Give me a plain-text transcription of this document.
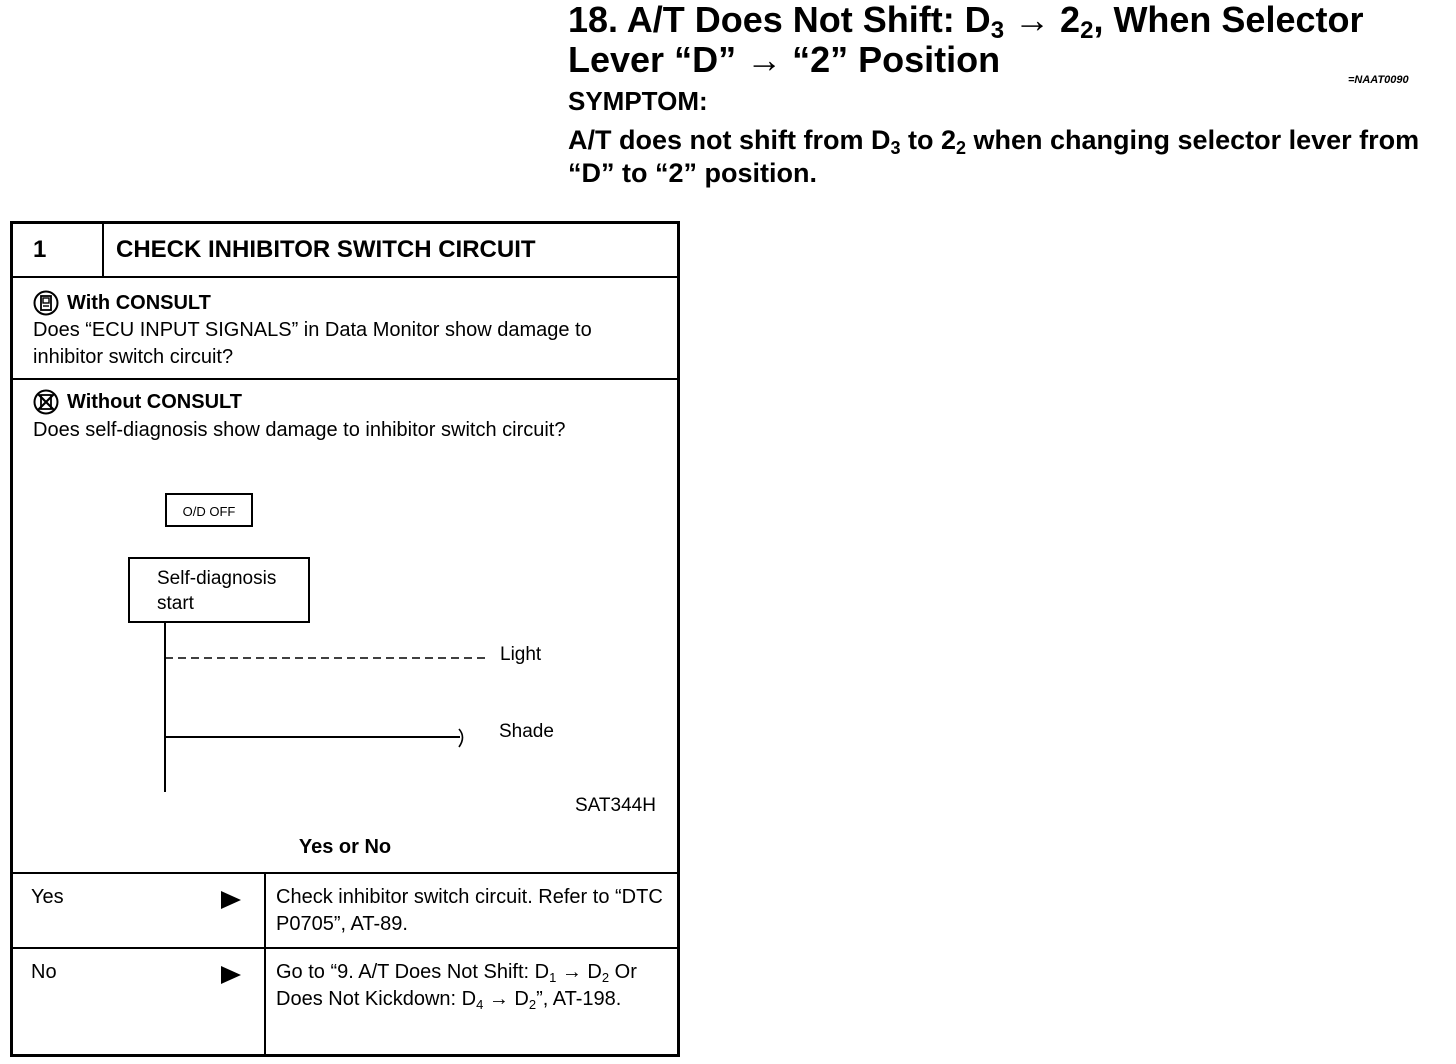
18. A/T Does Not Shift: $D_3 \to 2_2$, When Selector Lever “D” → “2” Position	=NAAT0090
SYMPTOM:
A/T does not shift from $D_3$ to $2_2$ when changing selector lever from “D” to “2” position.
1	CHECK INHIBITOR SWITCH CIRCUIT
With CONSULT
Does “ECU INPUT SIGNALS” in Data Monitor show damage to inhibitor switch circuit?
Without CONSULT
Does self-diagnosis show damage to inhibitor switch circuit?
O/D OFF
Self-diagnosis start
Light
Shade
SAT344H
Yes or No
Yes	Check inhibitor switch circuit. Refer to “DTC P0705”, AT-89.
No	Go to “9. A/T Does Not Shift: $D_1 \to D_2$ Or Does Not Kickdown: $D_4 \to D_2$”, AT-198.
